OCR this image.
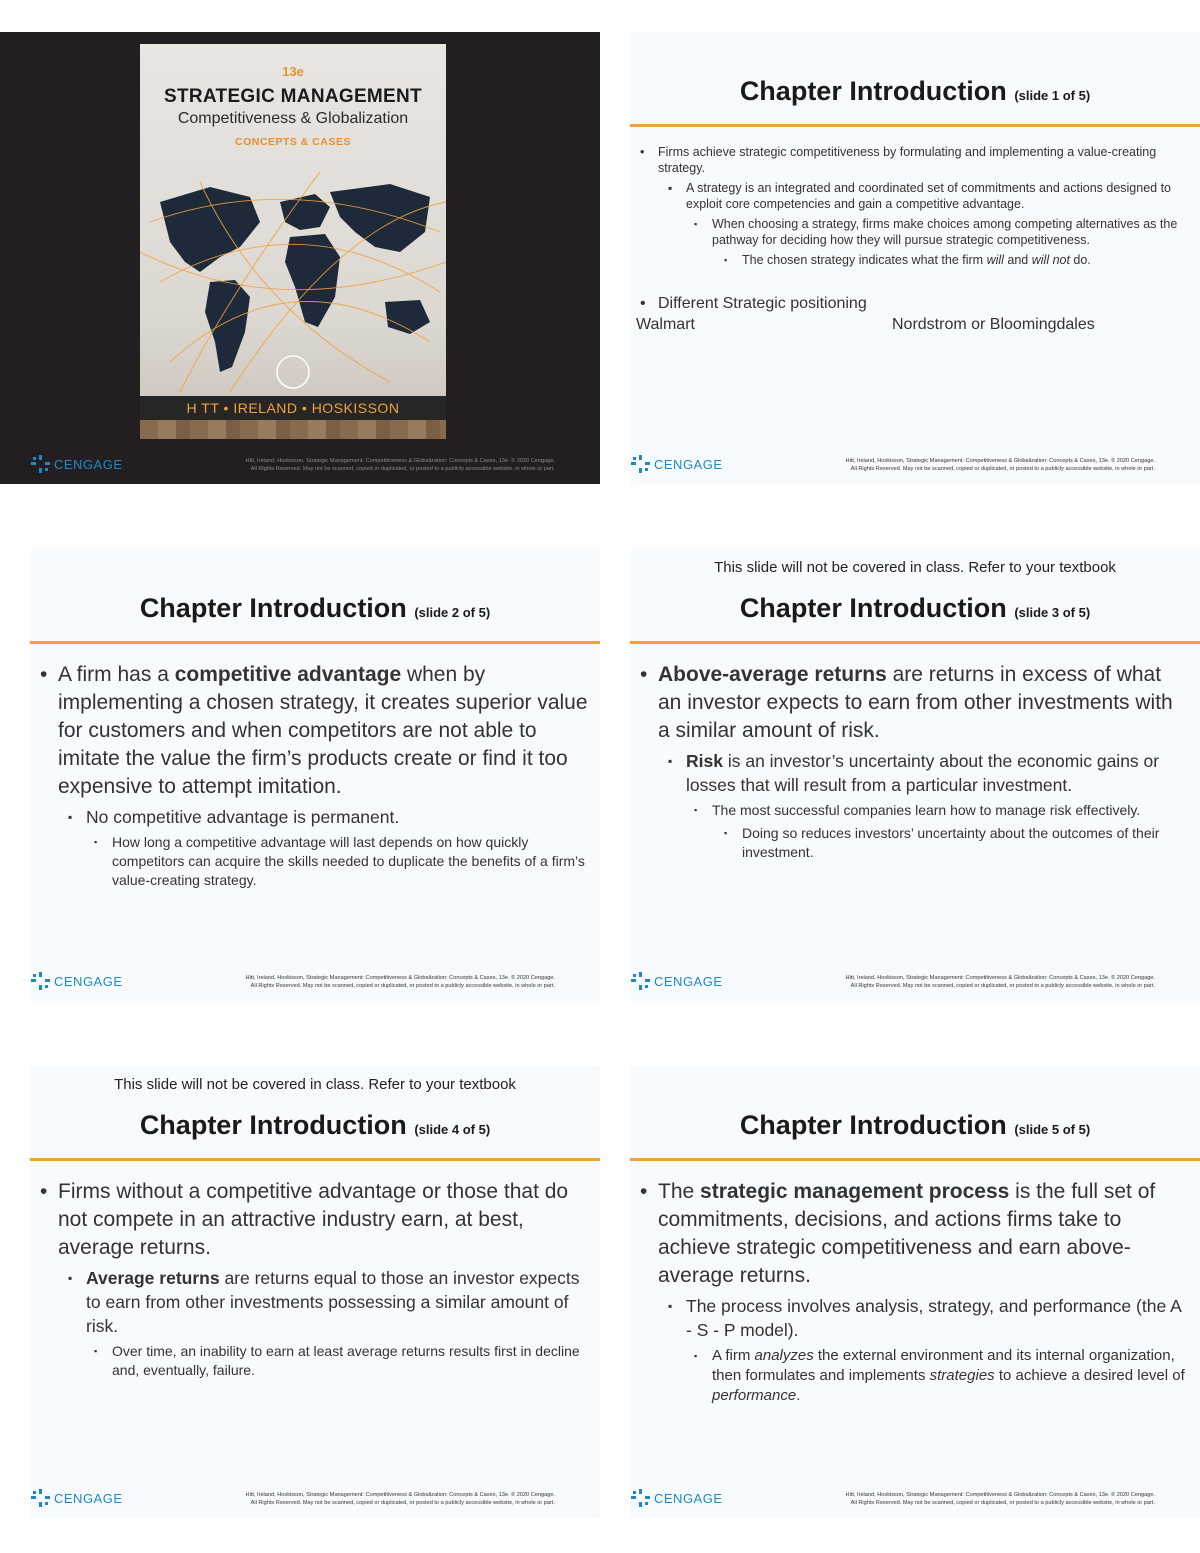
13e
STRATEGIC MANAGEMENT
Competitiveness & Globalization
CONCEPTS & CASES
H TT • IRELAND • HOSKISSON
CENGAGE	Hitt, Ireland, Hoskisson, Strategic Management: Competitiveness & Globalization: Concepts & Cases, 13e. © 2020 Cengage.
All Rights Reserved. May not be scanned, copied or duplicated, or posted to a publicly accessible website, in whole or part.
Chapter Introduction (slide 1 of 5)

• Firms achieve strategic competitiveness by formulating and implementing a value-creating strategy.

▪ A strategy is an integrated and coordinated set of commitments and actions designed to exploit core competencies and gain a competitive advantage.

▪ When choosing a strategy, firms make choices among competing alternatives as the pathway for deciding how they will pursue strategic competitiveness.

▪ The chosen strategy indicates what the firm will and will not do.

• Different Strategic positioning

Walmart	Nordstrom or Bloomingdales
CENGAGE	Hitt, Ireland, Hoskisson, Strategic Management: Competitiveness & Globalization: Concepts & Cases, 13e. © 2020 Cengage.
All Rights Reserved. May not be scanned, copied or duplicated, or posted to a publicly accessible website, in whole or part.
Chapter Introduction (slide 2 of 5)

• A firm has a competitive advantage when by implementing a chosen strategy, it creates superior value for customers and when competitors are not able to imitate the value the firm’s products create or find it too expensive to attempt imitation.

▪ No competitive advantage is permanent.

▪ How long a competitive advantage will last depends on how quickly competitors can acquire the skills needed to duplicate the benefits of a firm’s value-creating strategy.

CENGAGE	Hitt, Ireland, Hoskisson, Strategic Management: Competitiveness & Globalization: Concepts & Cases, 13e. © 2020 Cengage.
All Rights Reserved. May not be scanned, copied or duplicated, or posted to a publicly accessible website, in whole or part.
This slide will not be covered in class. Refer to your textbook
Chapter Introduction (slide 3 of 5)

• Above-average returns are returns in excess of what an investor expects to earn from other investments with a similar amount of risk.

▪ Risk is an investor’s uncertainty about the economic gains or losses that will result from a particular investment.

▪ The most successful companies learn how to manage risk effectively.

▪ Doing so reduces investors’ uncertainty about the outcomes of their investment.

CENGAGE	Hitt, Ireland, Hoskisson, Strategic Management: Competitiveness & Globalization: Concepts & Cases, 13e. © 2020 Cengage.
All Rights Reserved. May not be scanned, copied or duplicated, or posted to a publicly accessible website, in whole or part.
This slide will not be covered in class. Refer to your textbook
Chapter Introduction (slide 4 of 5)

• Firms without a competitive advantage or those that do not compete in an attractive industry earn, at best, average returns.

▪ Average returns are returns equal to those an investor expects to earn from other investments possessing a similar amount of risk.

▪ Over time, an inability to earn at least average returns results first in decline and, eventually, failure.

CENGAGE	Hitt, Ireland, Hoskisson, Strategic Management: Competitiveness & Globalization: Concepts & Cases, 13e. © 2020 Cengage.
All Rights Reserved. May not be scanned, copied or duplicated, or posted to a publicly accessible website, in whole or part.
Chapter Introduction (slide 5 of 5)

• The strategic management process is the full set of commitments, decisions, and actions firms take to achieve strategic competitiveness and earn above-average returns.

▪ The process involves analysis, strategy, and performance (the A - S - P model).

▪ A firm analyzes the external environment and its internal organization, then formulates and implements strategies to achieve a desired level of performance.

CENGAGE	Hitt, Ireland, Hoskisson, Strategic Management: Competitiveness & Globalization: Concepts & Cases, 13e. © 2020 Cengage.
All Rights Reserved. May not be scanned, copied or duplicated, or posted to a publicly accessible website, in whole or part.
